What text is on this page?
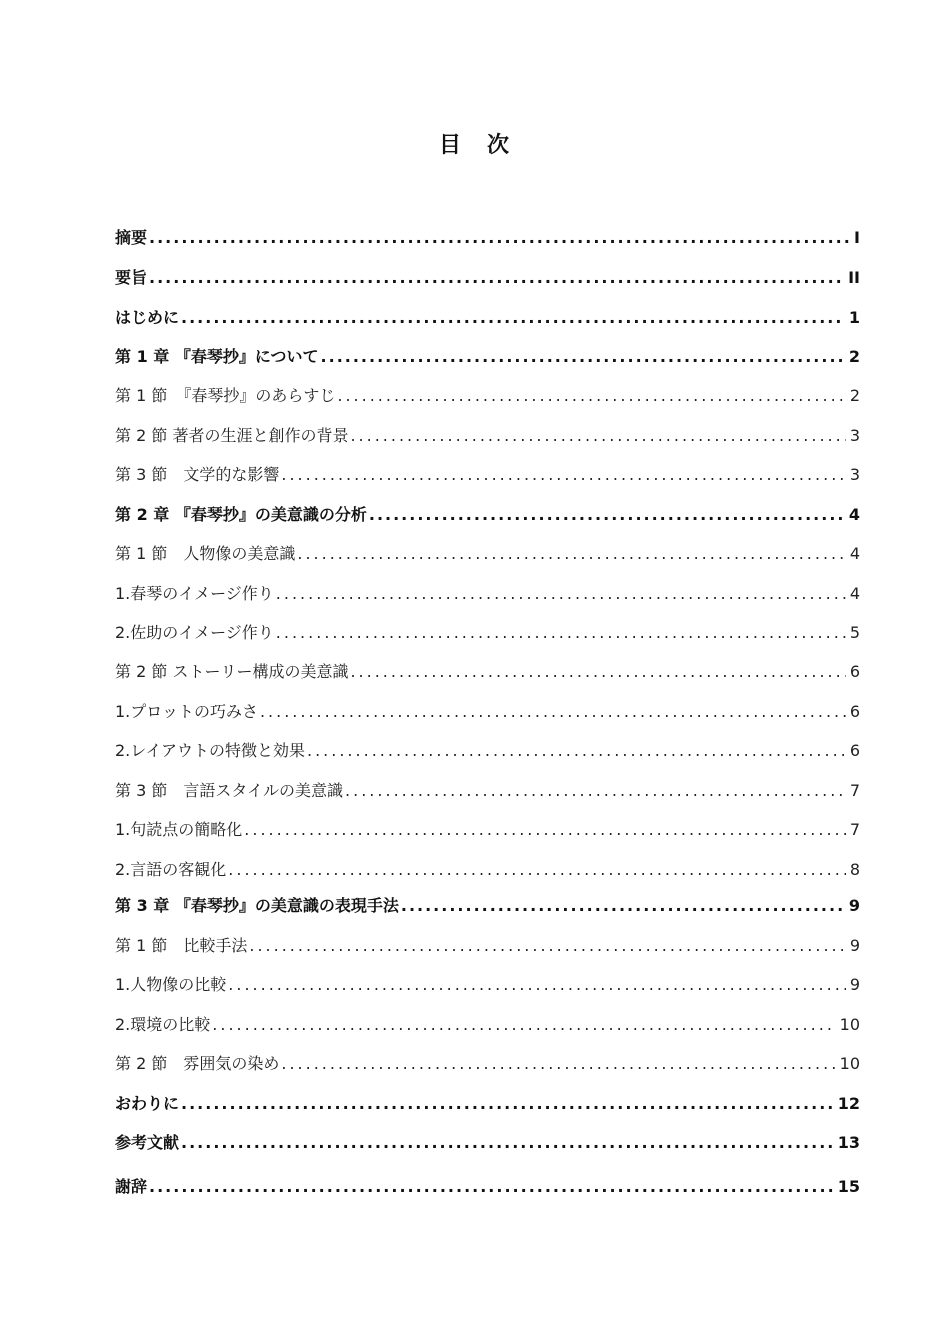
目　次
摘要 .....	I
要旨 .....	II
はじめに .....	1
第 1 章 『春琴抄』について .....	2
第 1 節　『春琴抄』のあらすじ .....	2
第 2 節 著者の生涯と創作の背景 .....	3
第 3 節　文学的な影響 .....	3
第 2 章 『春琴抄』の美意識の分析 .....	4
第 1 節　人物像の美意識 .....	4
1.春琴のイメージ作り .....	4
2.佐助のイメージ作り .....	5
第 2 節 ストーリー構成の美意識 .....	6
1.プロットの巧みさ .....	6
2.レイアウトの特徴と効果 .....	6
第 3 節　言語スタイルの美意識 .....	7
1.句読点の簡略化 .....	7
2.言語の客観化 .....	8
第 3 章 『春琴抄』の美意識の表現手法 .....	9
第 1 節　比較手法 .....	9
1.人物像の比較 .....	9
2.環境の比較 .....	10
第 2 節　雰囲気の染め .....	10
おわりに .....	12
参考文献 .....	13
謝辞 .....	15
